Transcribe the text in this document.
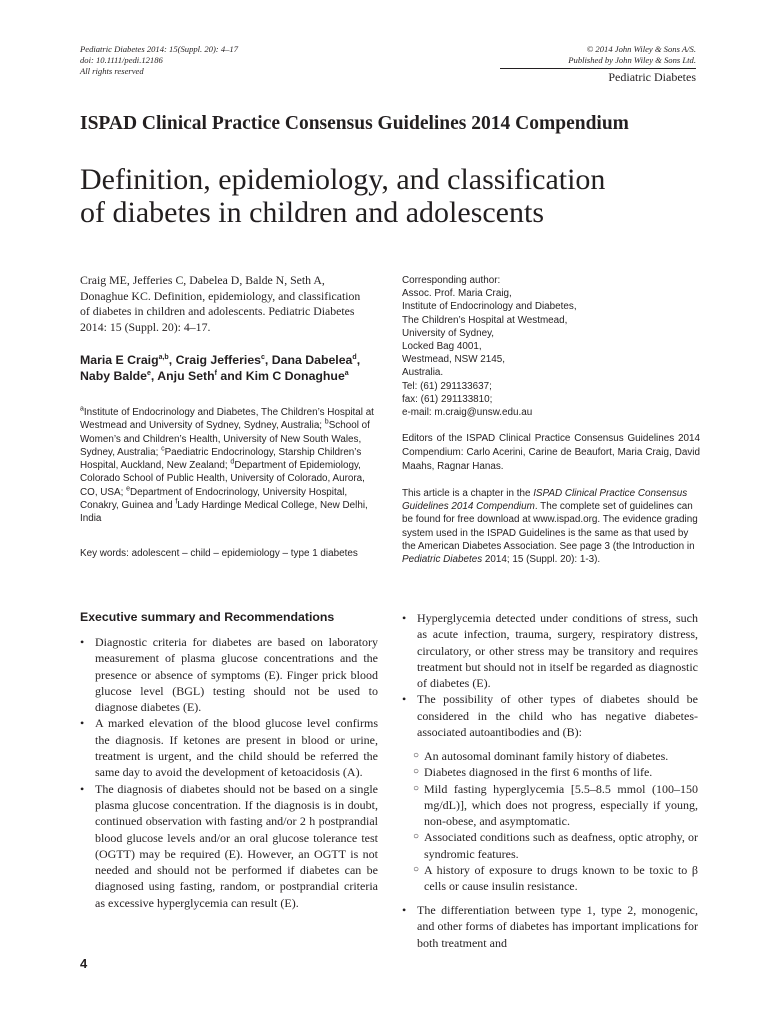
Pediatric Diabetes 2014: 15(Suppl. 20): 4–17
doi: 10.1111/pedi.12186
All rights reserved
© 2014 John Wiley & Sons A/S.
Published by John Wiley & Sons Ltd.
Pediatric Diabetes
ISPAD Clinical Practice Consensus Guidelines 2014 Compendium
Definition, epidemiology, and classification
of diabetes in children and adolescents
Craig ME, Jefferies C, Dabelea D, Balde N, Seth A, Donaghue KC. Definition, epidemiology, and classification of diabetes in children and adolescents. Pediatric Diabetes 2014: 15 (Suppl. 20): 4–17.
Maria E Craig$^{a,b}$, Craig Jefferies$^c$, Dana Dabelea$^d$, Naby Balde$^e$, Anju Seth$^f$ and Kim C Donaghue$^a$
$^a$Institute of Endocrinology and Diabetes, The Children’s Hospital at Westmead and University of Sydney, Sydney, Australia; $^b$School of Women’s and Children’s Health, University of New South Wales, Sydney, Australia; $^c$Paediatric Endocrinology, Starship Children’s Hospital, Auckland, New Zealand; $^d$Department of Epidemiology, Colorado School of Public Health, University of Colorado, Aurora, CO, USA; $^e$Department of Endocrinology, University Hospital, Conakry, Guinea and $^f$Lady Hardinge Medical College, New Delhi, India
Key words: adolescent – child – epidemiology – type 1 diabetes
Corresponding author:
Assoc. Prof. Maria Craig,
Institute of Endocrinology and Diabetes,
The Children’s Hospital at Westmead,
University of Sydney,
Locked Bag 4001,
Westmead, NSW 2145,
Australia.
Tel: (61) 291133637;
fax: (61) 291133810;
e-mail: m.craig@unsw.edu.au
Editors of the ISPAD Clinical Practice Consensus Guidelines 2014 Compendium: Carlo Acerini, Carine de Beaufort, Maria Craig, David Maahs, Ragnar Hanas.
This article is a chapter in the ISPAD Clinical Practice Consensus Guidelines 2014 Compendium. The complete set of guidelines can be found for free download at www.ispad.org. The evidence grading system used in the ISPAD Guidelines is the same as that used by the American Diabetes Association. See page 3 (the Introduction in Pediatric Diabetes 2014; 15 (Suppl. 20): 1-3).
Executive summary and Recommendations
• Diagnostic criteria for diabetes are based on laboratory measurement of plasma glucose concentrations and the presence or absence of symptoms (E). Finger prick blood glucose level (BGL) testing should not be used to diagnose diabetes (E).
• A marked elevation of the blood glucose level confirms the diagnosis. If ketones are present in blood or urine, treatment is urgent, and the child should be referred the same day to avoid the development of ketoacidosis (A).
• The diagnosis of diabetes should not be based on a single plasma glucose concentration. If the diagnosis is in doubt, continued observation with fasting and/or 2 h postprandial blood glucose levels and/or an oral glucose tolerance test (OGTT) may be required (E). However, an OGTT is not needed and should not be performed if diabetes can be diagnosed using fasting, random, or postprandial criteria as excessive hyperglycemia can result (E).
• Hyperglycemia detected under conditions of stress, such as acute infection, trauma, surgery, respiratory distress, circulatory, or other stress may be transitory and requires treatment but should not in itself be regarded as diagnostic of diabetes (E).
• The possibility of other types of diabetes should be considered in the child who has negative diabetes-associated autoantibodies and (B):
○ An autosomal dominant family history of diabetes.
○ Diabetes diagnosed in the first 6 months of life.
○ Mild fasting hyperglycemia [5.5–8.5 mmol (100–150 mg/dL)], which does not progress, especially if young, non-obese, and asymptomatic.
○ Associated conditions such as deafness, optic atrophy, or syndromic features.
○ A history of exposure to drugs known to be toxic to β cells or cause insulin resistance.
• The differentiation between type 1, type 2, monogenic, and other forms of diabetes has important implications for both treatment and
4
